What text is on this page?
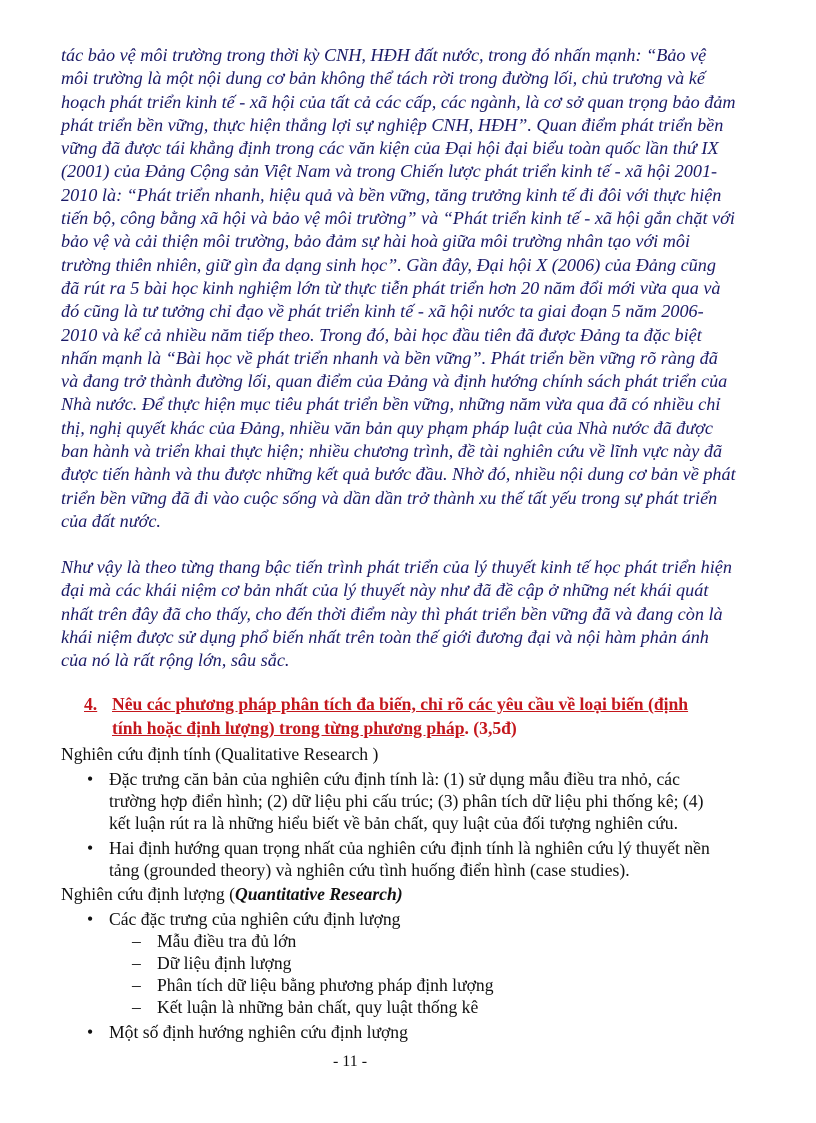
tác bảo vệ môi trường trong thời kỳ CNH, HĐH đất nước, trong đó nhấn mạnh: “Bảo vệ
môi trường là một nội dung cơ bản không thể tách rời trong đường lối, chủ trương và kế
hoạch phát triển kinh tế - xã hội của tất cả các cấp, các ngành, là cơ sở quan trọng bảo đảm
phát triển bền vững, thực hiện thắng lợi sự nghiệp CNH, HĐH”. Quan điểm phát triển bền
vững đã được tái khẳng định trong các văn kiện của Đại hội đại biểu toàn quốc lần thứ IX
(2001) của Đảng Cộng sản Việt Nam và trong Chiến lược phát triển kinh tế - xã hội 2001-
2010 là: “Phát triển nhanh, hiệu quả và bền vững, tăng trưởng kinh tế đi đôi với thực hiện
tiến bộ, công bằng xã hội và bảo vệ môi trường” và “Phát triển kinh tế - xã hội gắn chặt với
bảo vệ và cải thiện môi trường, bảo đảm sự hài hoà giữa môi trường nhân tạo với môi
trường thiên nhiên, giữ gìn đa dạng sinh học”. Gần đây, Đại hội X (2006) của Đảng cũng
đã rút ra 5 bài học kinh nghiệm lớn từ thực tiễn phát triển hơn 20 năm đổi mới vừa qua và
đó cũng là tư tưởng chỉ đạo về phát triển kinh tế - xã hội nước ta giai đoạn 5 năm 2006-
2010 và kể cả nhiều năm tiếp theo. Trong đó, bài học đầu tiên đã được Đảng ta đặc biệt
nhấn mạnh là “Bài học về phát triển nhanh và bền vững”. Phát triển bền vững rõ ràng đã
và đang trở thành đường lối, quan điểm của Đảng và định hướng chính sách phát triển của
Nhà nước. Để thực hiện mục tiêu phát triển bền vững, những năm vừa qua đã có nhiều chỉ
thị, nghị quyết khác của Đảng, nhiều văn bản quy phạm pháp luật của Nhà nước đã được
ban hành và triển khai thực hiện; nhiều chương trình, đề tài nghiên cứu về lĩnh vực này đã
được tiến hành và thu được những kết quả bước đầu. Nhờ đó, nhiều nội dung cơ bản về phát
triển bền vững đã đi vào cuộc sống và dần dần trở thành xu thế tất yếu trong sự phát triển
của đất nước.
Như vậy là theo từng thang bậc tiến trình phát triển của lý thuyết kinh tế học phát triển hiện
đại mà các khái niệm cơ bản nhất của lý thuyết này như đã đề cập ở những nét khái quát
nhất trên đây đã cho thấy, cho đến thời điểm này thì phát triển bền vững đã và đang còn là
khái niệm được sử dụng phổ biến nhất trên toàn thế giới đương đại và nội hàm phản ánh
của nó là rất rộng lớn, sâu sắc.
4. Nêu các phương pháp phân tích đa biến, chỉ rõ các yêu cầu về loại biến (định
tính hoặc định lượng) trong từng phương pháp. (3,5đ)
Nghiên cứu định tính (Qualitative Research )
• Đặc trưng căn bản của nghiên cứu định tính là: (1) sử dụng mẫu điều tra nhỏ, các
trường hợp điển hình; (2) dữ liệu phi cấu trúc; (3) phân tích dữ liệu phi thống kê; (4)
kết luận rút ra là những hiểu biết về bản chất, quy luật của đối tượng nghiên cứu.
• Hai định hướng quan trọng nhất của nghiên cứu định tính là nghiên cứu lý thuyết nền
tảng (grounded theory) và nghiên cứu tình huống điển hình (case studies).
Nghiên cứu định lượng (Quantitative Research)
• Các đặc trưng của nghiên cứu định lượng
– Mẫu điều tra đủ lớn
– Dữ liệu định lượng
– Phân tích dữ liệu bằng phương pháp định lượng
– Kết luận là những bản chất, quy luật thống kê
• Một số định hướng nghiên cứu định lượng
- 11 -
